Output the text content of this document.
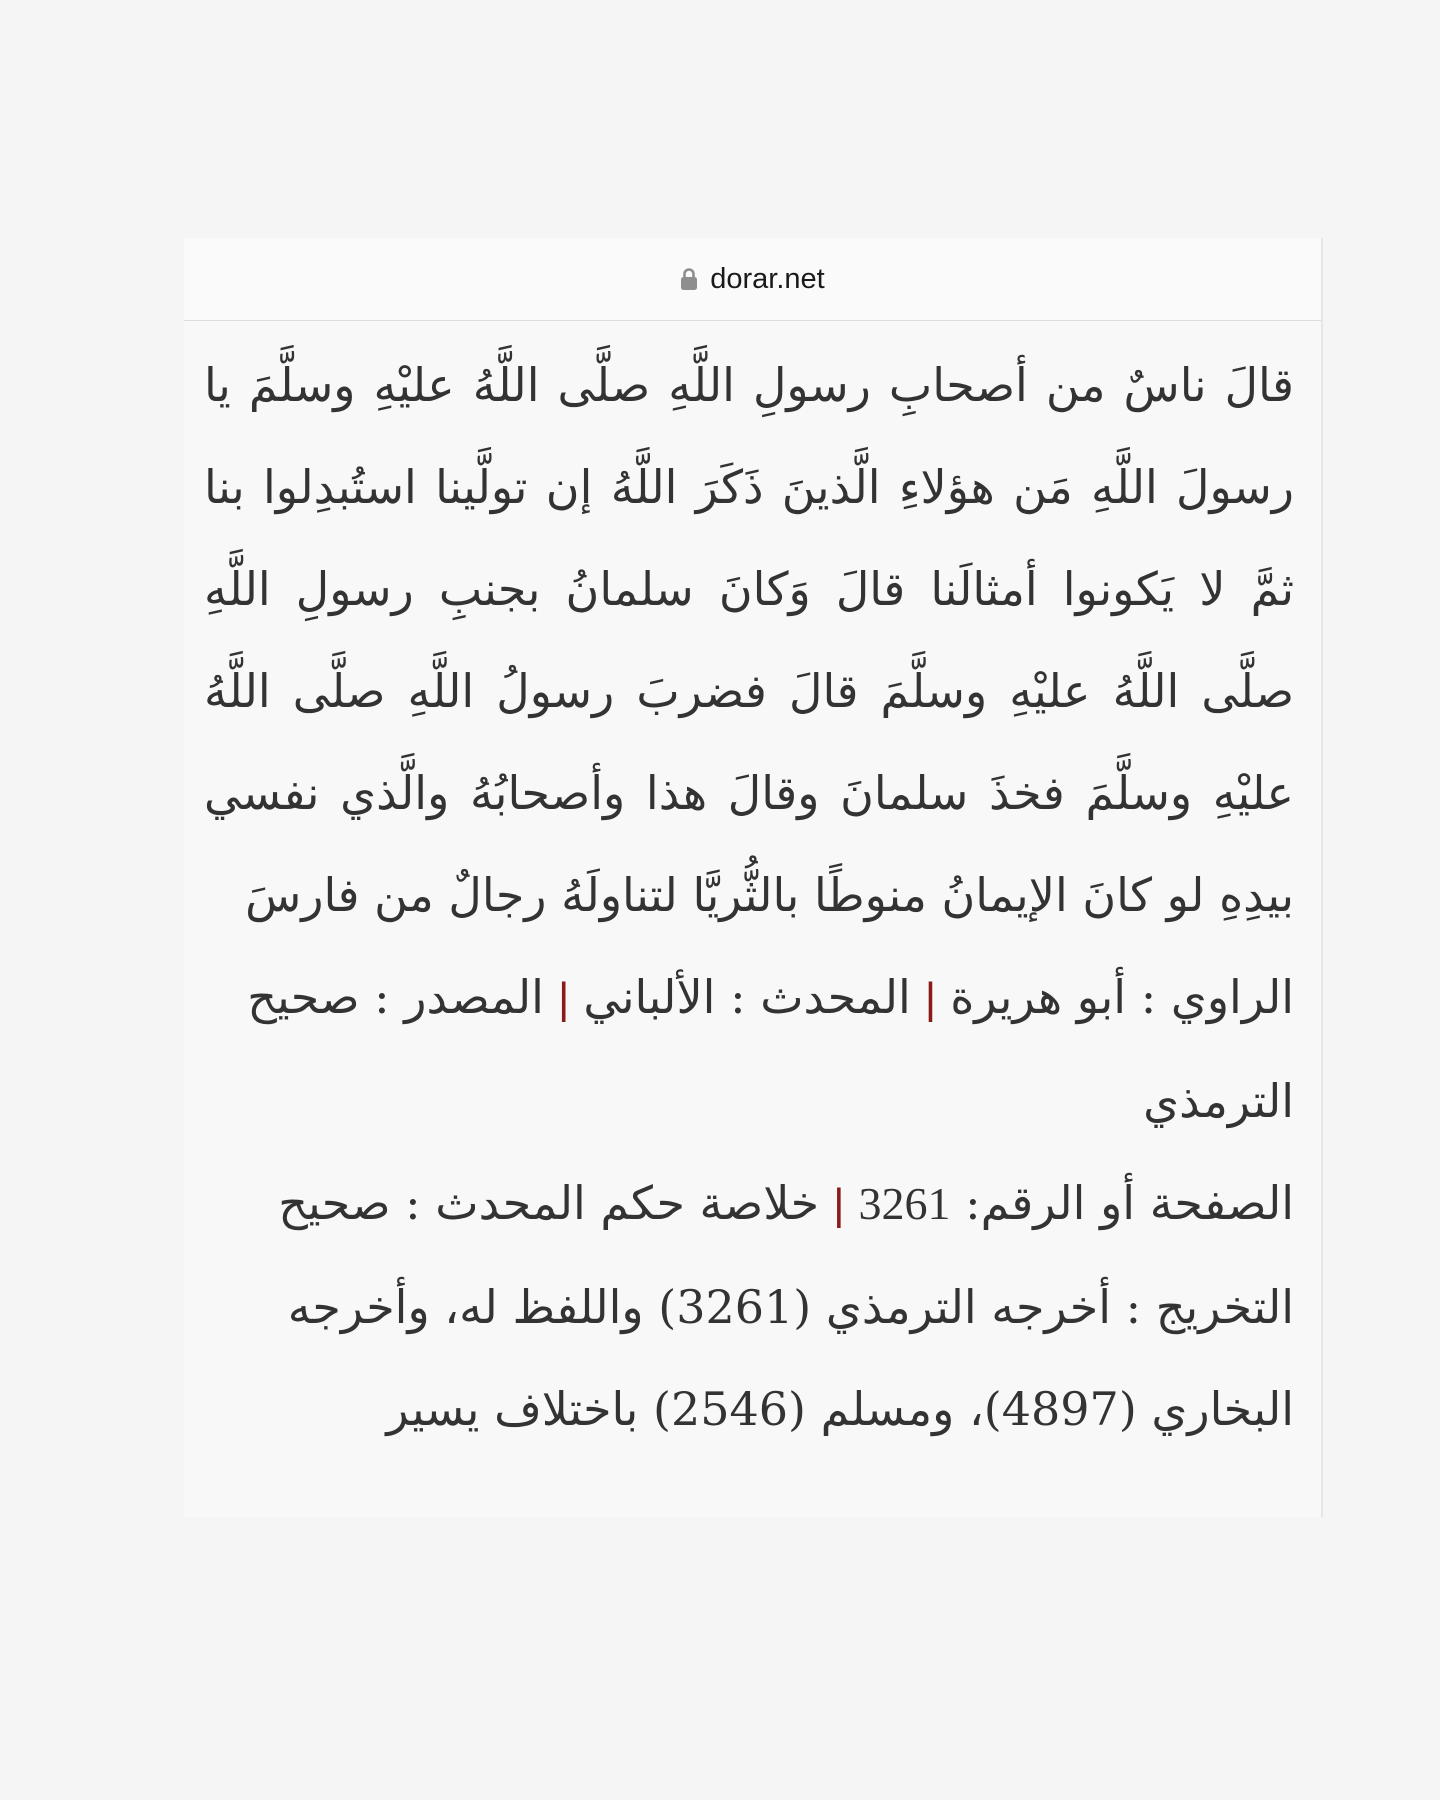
dorar.net

قالَ ناسٌ من أصحابِ رسولِ اللَّهِ صلَّى اللَّهُ عليْهِ وسلَّمَ يا رسولَ اللَّهِ مَن هؤلاءِ الَّذينَ ذَكَرَ اللَّهُ إن تولَّينا استُبدِلوا بنا ثمَّ لا يَكونوا أمثالَنا قالَ وَكانَ سلمانُ بجنبِ رسولِ اللَّهِ صلَّى اللَّهُ عليْهِ وسلَّمَ قالَ فضربَ رسولُ اللَّهِ صلَّى اللَّهُ عليْهِ وسلَّمَ فخذَ سلمانَ وقالَ هذا وأصحابُهُ والَّذي نفسي بيدِهِ لو كانَ الإيمانُ منوطًا بالثُّريَّا لتناولَهُ رجالٌ من فارسَ

الراوي : أبو هريرة|المحدث : الألباني|المصدر : صحيح الترمذي

الصفحة أو الرقم: 3261|خلاصة حكم المحدث : صحيح

التخريج : أخرجه الترمذي (3261) واللفظ له، وأخرجه البخاري (4897)، ومسلم (2546) باختلاف يسير
